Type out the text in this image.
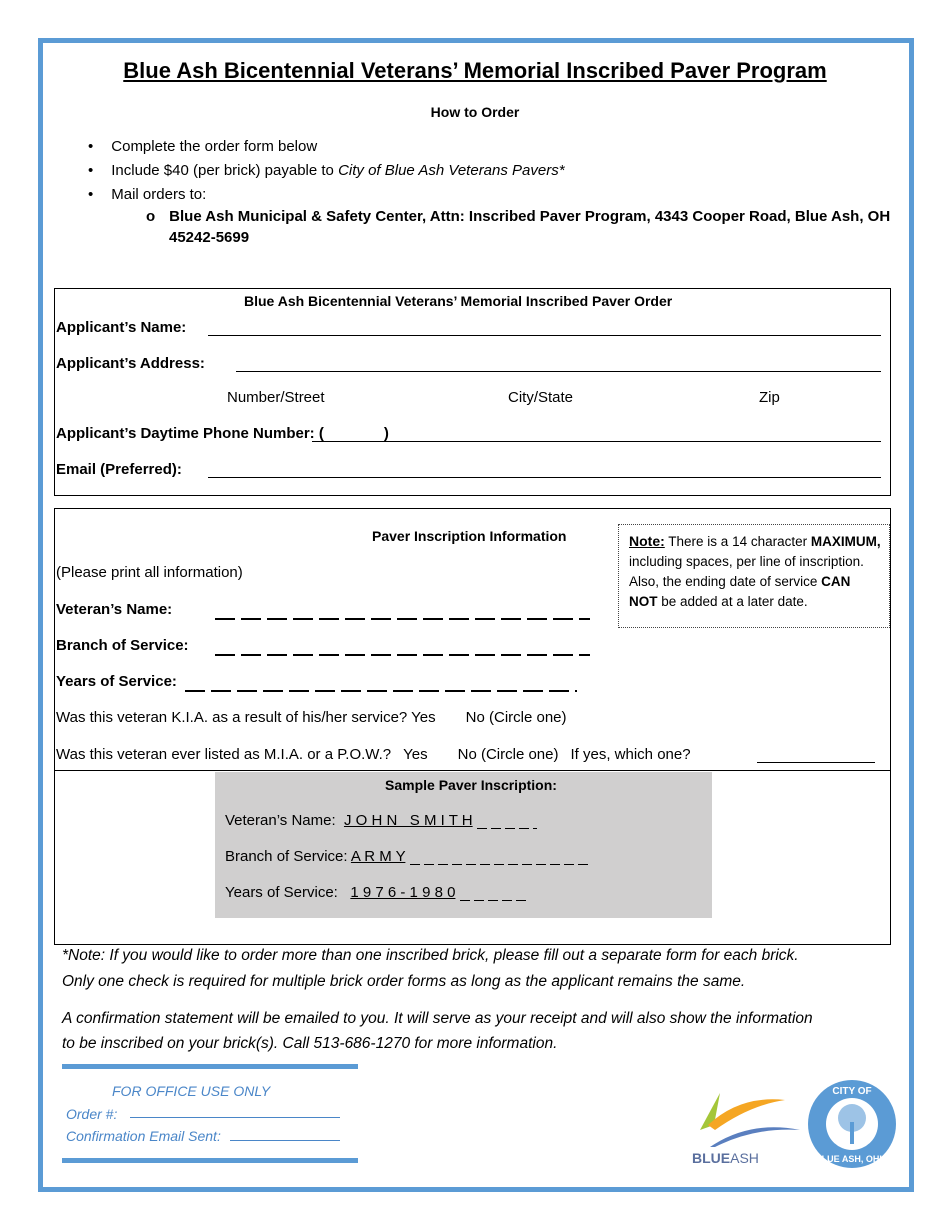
Blue Ash Bicentennial Veterans’ Memorial Inscribed Paver Program
How to Order
• Complete the order form below
• Include $40 (per brick) payable to City of Blue Ash Veterans Pavers*
• Mail orders to:
o Blue Ash Municipal & Safety Center, Attn: Inscribed Paver Program, 4343 Cooper Road, Blue Ash, OH
45242-5699
Blue Ash Bicentennial Veterans’ Memorial Inscribed Paver Order
Applicant’s Name:
Applicant’s Address:
Number/Street	City/State	Zip
Applicant’s Daytime Phone Number: (	)
Email (Preferred):
Paver Inscription Information	Note: There is a 14 character MAXIMUM, including spaces, per line of inscription. Also, the ending date of service CAN NOT be added at a later date.
(Please print all information)
Veteran’s Name:
Branch of Service:
Years of Service:
Was this veteran K.I.A. as a result of his/her service? Yes No (Circle one)
Was this veteran ever listed as M.I.A. or a P.O.W.? Yes No (Circle one) If yes, which one?
Sample Paver Inscription:
Veteran’s Name: J O H N   S M I T H
Branch of Service: A R M Y
Years of Service: 1 9 7 6 - 1 9 8 0
*Note: If you would like to order more than one inscribed brick, please fill out a separate form for each brick.
Only one check is required for multiple brick order forms as long as the applicant remains the same.
A confirmation statement will be emailed to you. It will serve as your receipt and will also show the information
to be inscribed on your brick(s). Call 513-686-1270 for more information.
FOR OFFICE USE ONLY
Order #:
Confirmation Email Sent:
BLUEASH
CITY OF
BLUE ASH, OHIO
